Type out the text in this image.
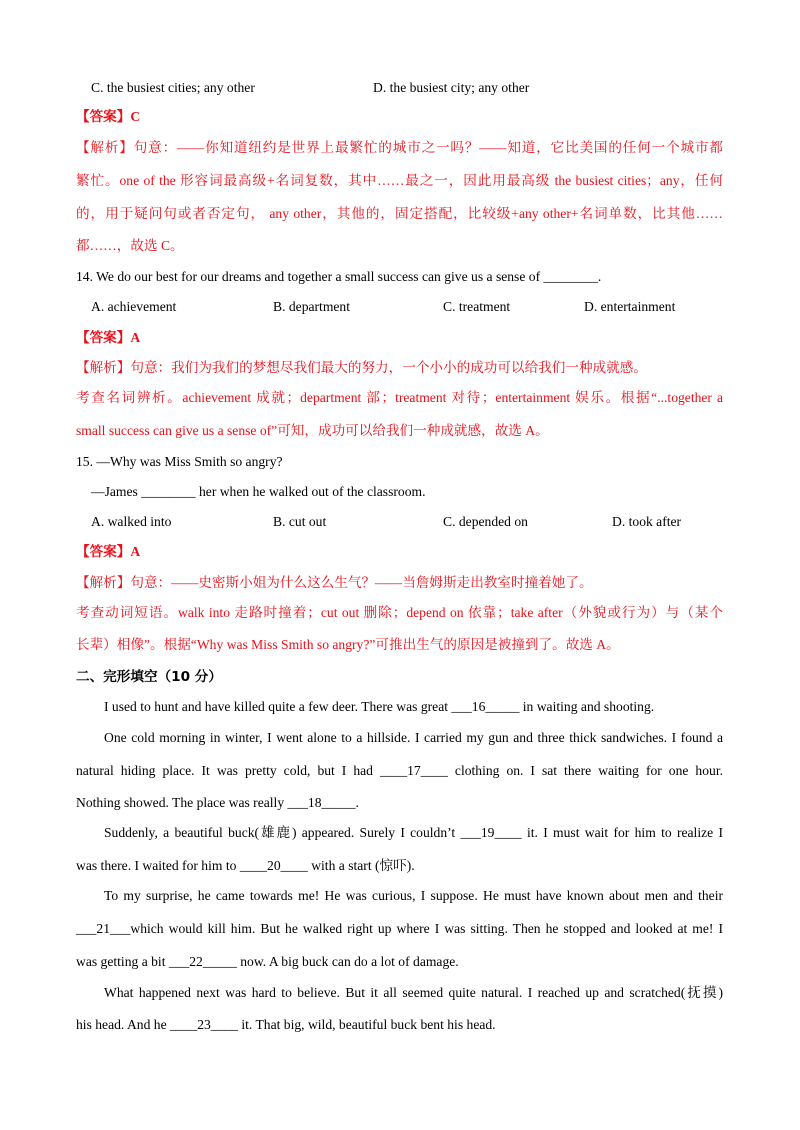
C. the busiest cities; any other	D. the busiest city; any other
【答案】C
【解析】句意：——你知道纽约是世界上最繁忙的城市之一吗？——知道，它比美国的任何一个城市都
繁忙。one of the 形容词最高级+名词复数，其中……最之一，因此用最高级 the busiest cities；any，任何
的，用于疑问句或者否定句， any other，其他的，固定搭配，比较级+any other+名词单数，比其他……
都……，故选 C。
14. We do our best for our dreams and together a small success can give us a sense of ________.
A. achievement	B. department	C. treatment	D. entertainment
【答案】A
【解析】句意：我们为我们的梦想尽我们最大的努力，一个小小的成功可以给我们一种成就感。
考查名词辨析。achievement 成就；department 部；treatment 对待；entertainment 娱乐。根据“...together a
small success can give us a sense of”可知，成功可以给我们一种成就感，故选 A。
15. —Why was Miss Smith so angry?
—James ________ her when he walked out of the classroom.
A. walked into	B. cut out	C. depended on	D. took after
【答案】A
【解析】句意：——史密斯小姐为什么这么生气？——当詹姆斯走出教室时撞着她了。
考查动词短语。walk into 走路时撞着；cut out 删除；depend on 依靠；take after（外貌或行为）与（某个
长辈）相像”。根据“Why was Miss Smith so angry?”可推出生气的原因是被撞到了。故选 A。
二、完形填空（10 分）
I used to hunt and have killed quite a few deer. There was great ___16_____ in waiting and shooting.
One cold morning in winter, I went alone to a hillside. I carried my gun and three thick sandwiches. I found a
natural hiding place. It was pretty cold, but I had ____17____ clothing on. I sat there waiting for one hour.
Nothing showed. The place was really ___18_____.
Suddenly, a beautiful buck(雄鹿) appeared. Surely I couldn’t ___19____ it. I must wait for him to realize I
was there. I waited for him to ____20____ with a start (惊吓).
To my surprise, he came towards me! He was curious, I suppose. He must have known about men and their
___21___which would kill him. But he walked right up where I was sitting. Then he stopped and looked at me! I
was getting a bit ___22_____ now. A big buck can do a lot of damage.
What happened next was hard to believe. But it all seemed quite natural. I reached up and scratched(抚摸)
his head. And he ____23____ it. That big, wild, beautiful buck bent his head.
